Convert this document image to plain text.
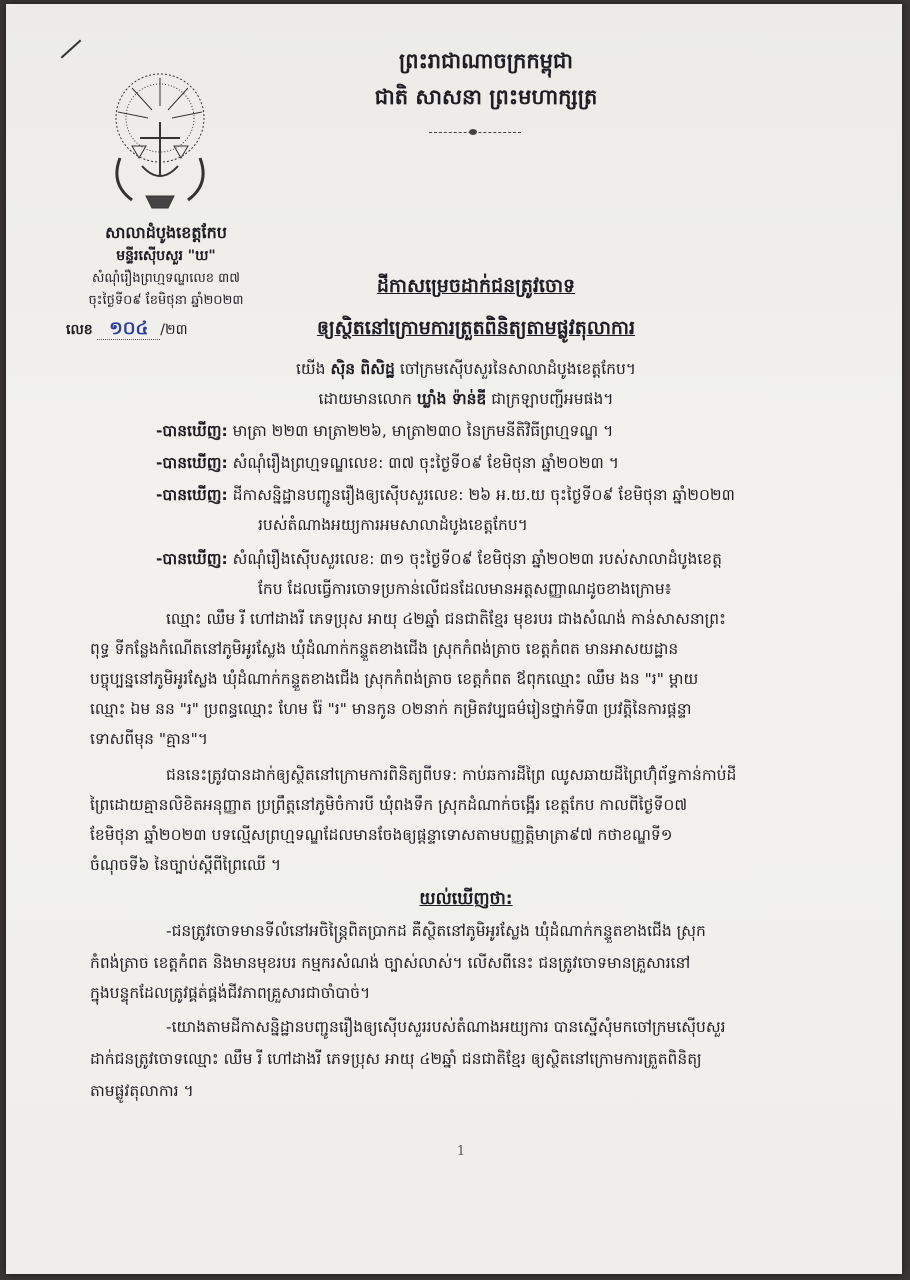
ព្រះរាជាណាចក្រកម្ពុជា
ជាតិ សាសនា ព្រះមហាក្សត្រ
សាលាដំបូងខេត្តកែប
មន្ទីរស៊ើបសួរ "ឃ"
សំណុំរឿងព្រហ្មទណ្ឌលេខ ៣៧
ចុះថ្ងៃទី០៩ ខែមិថុនា ឆ្នាំ២០២៣
លេខ ១០៤ /២៣
ដីកាសម្រេចដាក់ជនត្រូវចោទ
ឲ្យស្ថិតនៅក្រោមការត្រួតពិនិត្យតាមផ្លូវតុលាការ
យើង ស៊ិន ពិសិដ្ឋ ចៅក្រមស៊ើបសួរនៃសាលាដំបូងខេត្តកែប។
ដោយមានលោក ឃ្លាំង ទ៉ាន់ឌី ជាក្រឡាបញ្ជីអមផង។
-បានឃើញ: មាត្រា ២២៣ មាត្រា២២៦, មាត្រា២៣០ នៃក្រមនីតិវិធីព្រហ្មទណ្ឌ ។
-បានឃើញ: សំណុំរឿងព្រហ្មទណ្ឌលេខ: ៣៧ ចុះថ្ងៃទី០៩ ខែមិថុនា ឆ្នាំ២០២៣ ។
-បានឃើញ: ដីកាសន្និដ្ឋានបញ្ជូនរឿងឲ្យស៊ើបសួរលេខ: ២៦ អ.យ.យ ចុះថ្ងៃទី០៩ ខែមិថុនា ឆ្នាំ២០២៣
របស់តំណាងអយ្យការអមសាលាដំបូងខេត្តកែប។
-បានឃើញ: សំណុំរឿងស៊ើបសួរលេខ: ៣១ ចុះថ្ងៃទី០៩ ខែមិថុនា ឆ្នាំ២០២៣ របស់សាលាដំបូងខេត្ត
កែប ដែលធ្វើការចោទប្រកាន់លើជនដែលមានអត្តសញ្ញាណដូចខាងក្រោម៖
ឈ្មោះ ឈឹម រី ហៅដាងរី ភេទប្រុស អាយុ ៤២ឆ្នាំ ជនជាតិខ្មែរ មុខរបរ ជាងសំណង់ កាន់សាសនាព្រះ
ពុទ្ធ ទីកន្លែងកំណើតនៅភូមិអូរស្លែង ឃុំដំណាក់កន្ទួតខាងជើង ស្រុកកំពង់ត្រាច ខេត្តកំពត មានអាសយដ្ឋាន
បច្ចុប្បន្ននៅភូមិអូរស្លែង ឃុំដំណាក់កន្ទួតខាងជើង ស្រុកកំពង់ត្រាច ខេត្តកំពត ឪពុកឈ្មោះ ឈឹម ងន "រ" ម្តាយ
ឈ្មោះ ឯម នន "រ" ប្រពន្ធឈ្មោះ ហែម រ៉ែ "រ" មានកូន ០២នាក់ កម្រិតវប្បធម៌រៀនថ្នាក់ទី៣ ប្រវត្តិនៃការផ្តន្ទា
ទោសពីមុន "គ្មាន"។
ជននេះត្រូវបានដាក់ឲ្យស្ថិតនៅក្រោមការពិនិត្យពីបទ: កាប់ឆការដីព្រៃ ឈូសឆាយដីព្រៃហ៊ុំព័ទ្ធកាន់កាប់ដី
ព្រៃដោយគ្មានលិខិតអនុញ្ញាត ប្រព្រឹត្តនៅភូមិចំការបី ឃុំពងទឹក ស្រុកដំណាក់ចង្អើរ ខេត្តកែប កាលពីថ្ងៃទី០៧
ខែមិថុនា ឆ្នាំ២០២៣ បទល្មើសព្រហ្មទណ្ឌដែលមានចែងឲ្យផ្តន្ទាទោសតាមបញ្ញត្តិមាត្រា៩៧ កថាខណ្ឌទី១
ចំណុចទី៦ នៃច្បាប់ស្តីពីព្រៃឈើ ។
យល់ឃើញថា:
-ជនត្រូវចោទមានទីលំនៅអចិន្ត្រៃពិតប្រាកដ គឺស្ថិតនៅភូមិអូរស្លែង ឃុំដំណាក់កន្ទួតខាងជើង ស្រុក
កំពង់ត្រាច ខេត្តកំពត និងមានមុខរបរ កម្មករសំណង់ ច្បាស់លាស់។ លើសពីនេះ ជនត្រូវចោទមានគ្រួសារនៅ
ក្នុងបន្ទុកដែលត្រូវផ្គត់ផ្គង់ជីវភាពគ្រួសារជាចាំបាច់។
-យោងតាមដីកាសន្និដ្ឋានបញ្ជូនរឿងឲ្យស៊ើបសួររបស់តំណាងអយ្យការ បានស្នើសុំមកចៅក្រមស៊ើបសួរ
ដាក់ជនត្រូវចោទឈ្មោះ ឈឹម រី ហៅដាងរី ភេទប្រុស អាយុ ៤២ឆ្នាំ ជនជាតិខ្មែរ ឲ្យស្ថិតនៅក្រោមការត្រួតពិនិត្យ
តាមផ្លូវតុលាការ ។
1
